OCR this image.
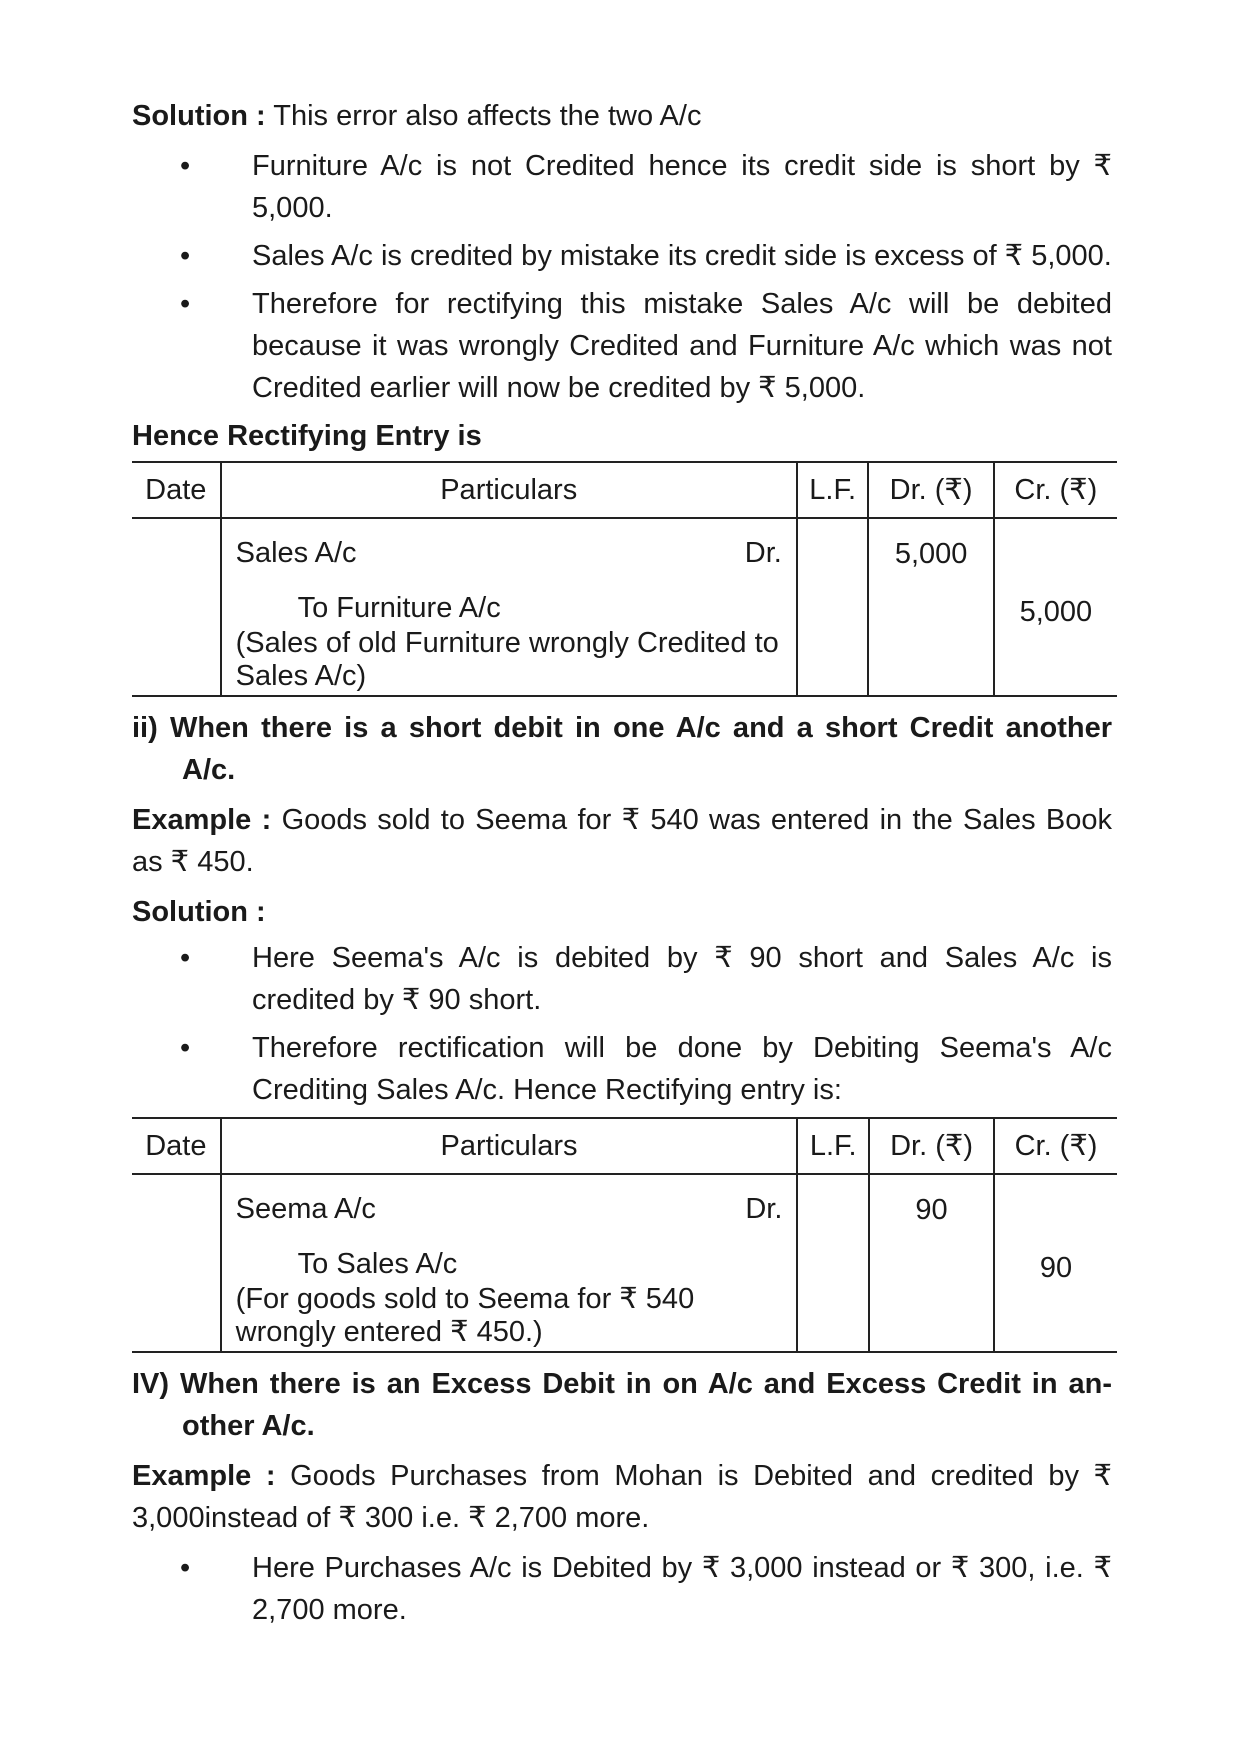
Solution : This error also affects the two A/c

• Furniture A/c is not Credited hence its credit side is short by ₹ 5,000.
• Sales A/c is credited by mistake its credit side is excess of ₹ 5,000.
• Therefore for rectifying this mistake Sales A/c will be debited because it was wrongly Credited and Furniture A/c which was not Credited earlier will now be credited by ₹ 5,000.

Hence Rectifying Entry is

Date	Particulars	L.F.	Dr. (₹)	Cr. (₹)

	Sales A/c Dr.
To Furniture A/c
(Sales of old Furniture wrongly Credited to Sales A/c)		5,000	5,000

ii) When there is a short debit in one A/c and a short Credit another A/c.

Example : Goods sold to Seema for ₹ 540 was entered in the Sales Book as ₹ 450.

Solution :

• Here Seema's A/c is debited by ₹ 90 short and Sales A/c is credited by ₹ 90 short.
• Therefore rectification will be done by Debiting Seema's A/c Crediting Sales A/c. Hence Rectifying entry is:
Date	Particulars	L.F.	Dr. (₹)	Cr. (₹)

	Seema A/c Dr.
To Sales A/c
(For goods sold to Seema for ₹ 540 wrongly entered ₹ 450.)		90	90

IV) When there is an Excess Debit in on A/c and Excess Credit in an-other A/c.

Example : Goods Purchases from Mohan is Debited and credited by ₹ 3,000instead of ₹ 300 i.e. ₹ 2,700 more.

• Here Purchases A/c is Debited by ₹ 3,000 instead or ₹ 300, i.e. ₹ 2,700 more.
